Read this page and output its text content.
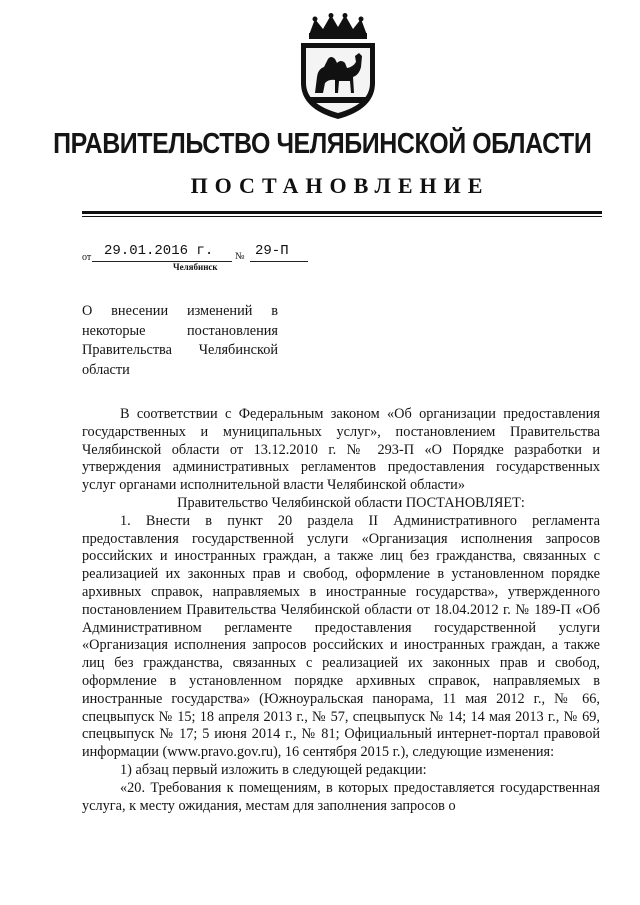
ПРАВИТЕЛЬСТВО ЧЕЛЯБИНСКОЙ ОБЛАСТИ
ПОСТАНОВЛЕНИЕ
от 29.01.2016 г. № 29-П
Челябинск

О внесении изменений в некоторые постановления Правительства Челябинской области

В соответствии с Федеральным законом «Об организации предоставления государственных и муниципальных услуг», постановлением Правительства Челябинской области от 13.12.2010 г. № 293-П «О Порядке разработки и утверждения административных регламентов предоставления государственных услуг органами исполнительной власти Челябинской области»

Правительство Челябинской области ПОСТАНОВЛЯЕТ:

1. Внести в пункт 20 раздела II Административного регламента предоставления государственной услуги «Организация исполнения запросов российских и иностранных граждан, а также лиц без гражданства, связанных с реализацией их законных прав и свобод, оформление в установленном порядке архивных справок, направляемых в иностранные государства», утвержденного постановлением Правительства Челябинской области от 18.04.2012 г. № 189-П «Об Административном регламенте предоставления государственной услуги «Организация исполнения запросов российских и иностранных граждан, а также лиц без гражданства, связанных с реализацией их законных прав и свобод, оформление в установленном порядке архивных справок, направляемых в иностранные государства» (Южноуральская панорама, 11 мая 2012 г., № 66, спецвыпуск № 15; 18 апреля 2013 г., № 57, спецвыпуск № 14; 14 мая 2013 г., № 69, спецвыпуск № 17; 5 июня 2014 г., № 81; Официальный интернет-портал правовой информации (www.pravo.gov.ru), 16 сентября 2015 г.), следующие изменения:

1) абзац первый изложить в следующей редакции:

«20. Требования к помещениям, в которых предоставляется государственная услуга, к месту ожидания, местам для заполнения запросов о
